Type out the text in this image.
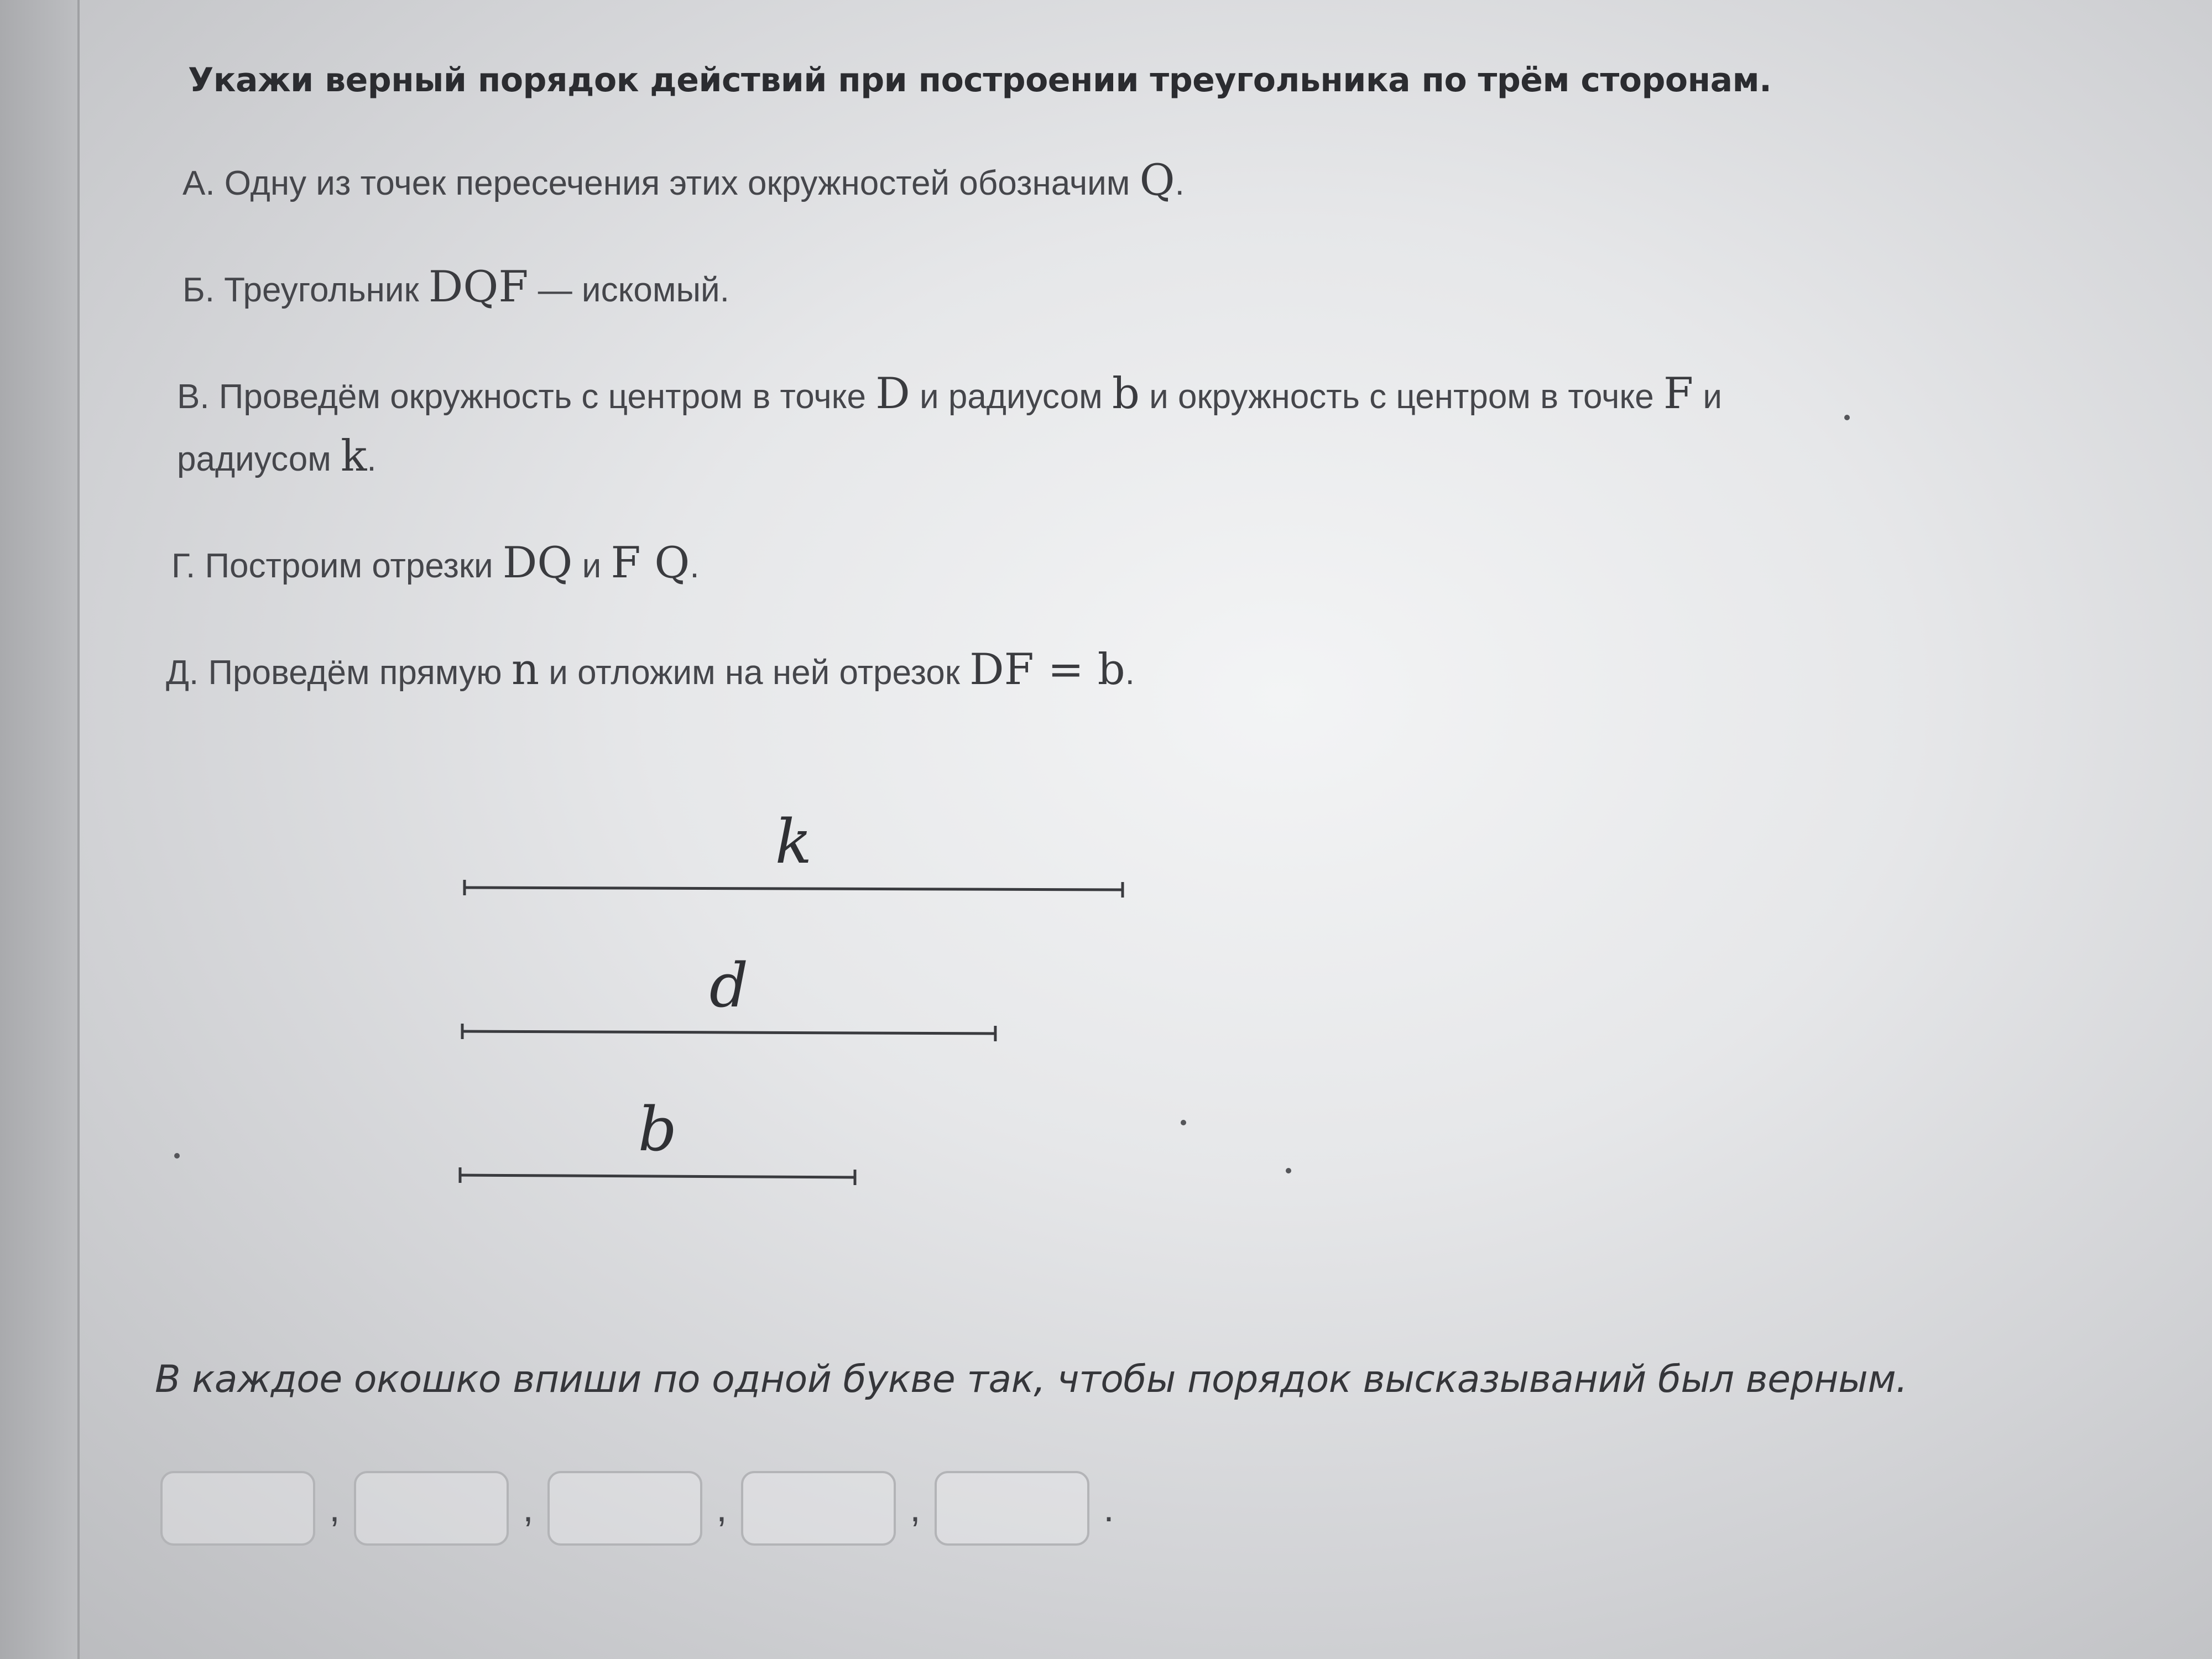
Укажи верный порядок действий при построении треугольника по трём сторонам.
А. Одну из точек пересечения этих окружностей обозначим Q.
Б. Треугольник DQF — искомый.
В. Проведём окружность с центром в точке D и радиусом b и окружность с центром в точке F и радиусом k.
Г. Построим отрезки DQ и F Q.
Д. Проведём прямую n и отложим на ней отрезок DF = b.
k
d
b
В каждое окошко впиши по одной букве так, чтобы порядок высказываний был верным.
,	,	,	,	.
